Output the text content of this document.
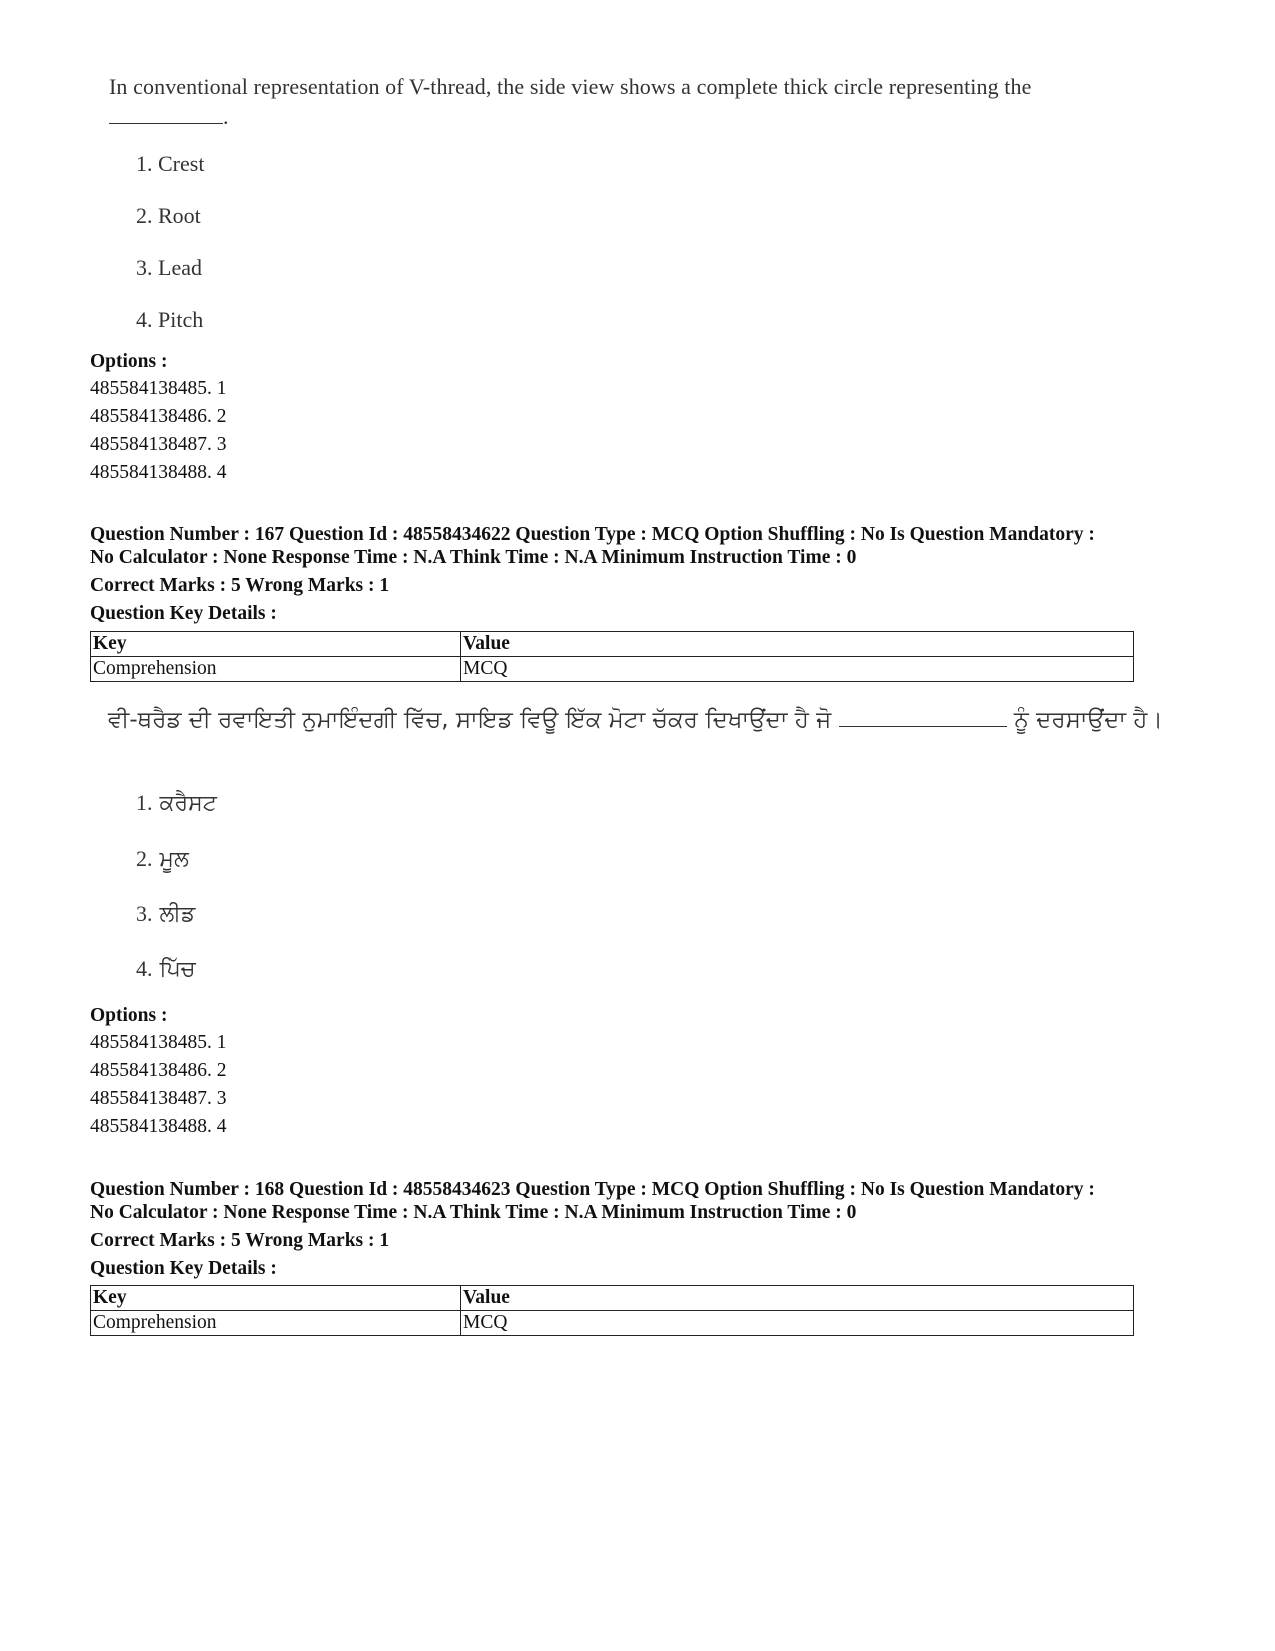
In conventional representation of V-thread, the side view shows a complete thick circle representing the
.
1. Crest
2. Root
3. Lead
4. Pitch
Options :
485584138485. 1
485584138486. 2
485584138487. 3
485584138488. 4
Question Number : 167 Question Id : 48558434622 Question Type : MCQ Option Shuffling : No Is Question Mandatory :
No Calculator : None Response Time : N.A Think Time : N.A Minimum Instruction Time : 0
Correct Marks : 5 Wrong Marks : 1
Question Key Details :
Key	Value
Comprehension	MCQ
ਵੀ-ਥਰੈਡ ਦੀ ਰਵਾਇਤੀ ਨੁਮਾਇੰਦਗੀ ਵਿੱਚ, ਸਾਇਡ ਵਿਊ ਇੱਕ ਮੋਟਾ ਚੱਕਰ ਦਿਖਾਉਂਦਾ ਹੈ ਜੋ	ਨੂੰ ਦਰਸਾਉਂਦਾ ਹੈ।
1. ਕਰੈਸਟ
2. ਮੂਲ
3. ਲੀਡ
4. ਪਿੱਚ
Options :
485584138485. 1
485584138486. 2
485584138487. 3
485584138488. 4
Question Number : 168 Question Id : 48558434623 Question Type : MCQ Option Shuffling : No Is Question Mandatory :
No Calculator : None Response Time : N.A Think Time : N.A Minimum Instruction Time : 0
Correct Marks : 5 Wrong Marks : 1
Question Key Details :
Key	Value
Comprehension	MCQ
